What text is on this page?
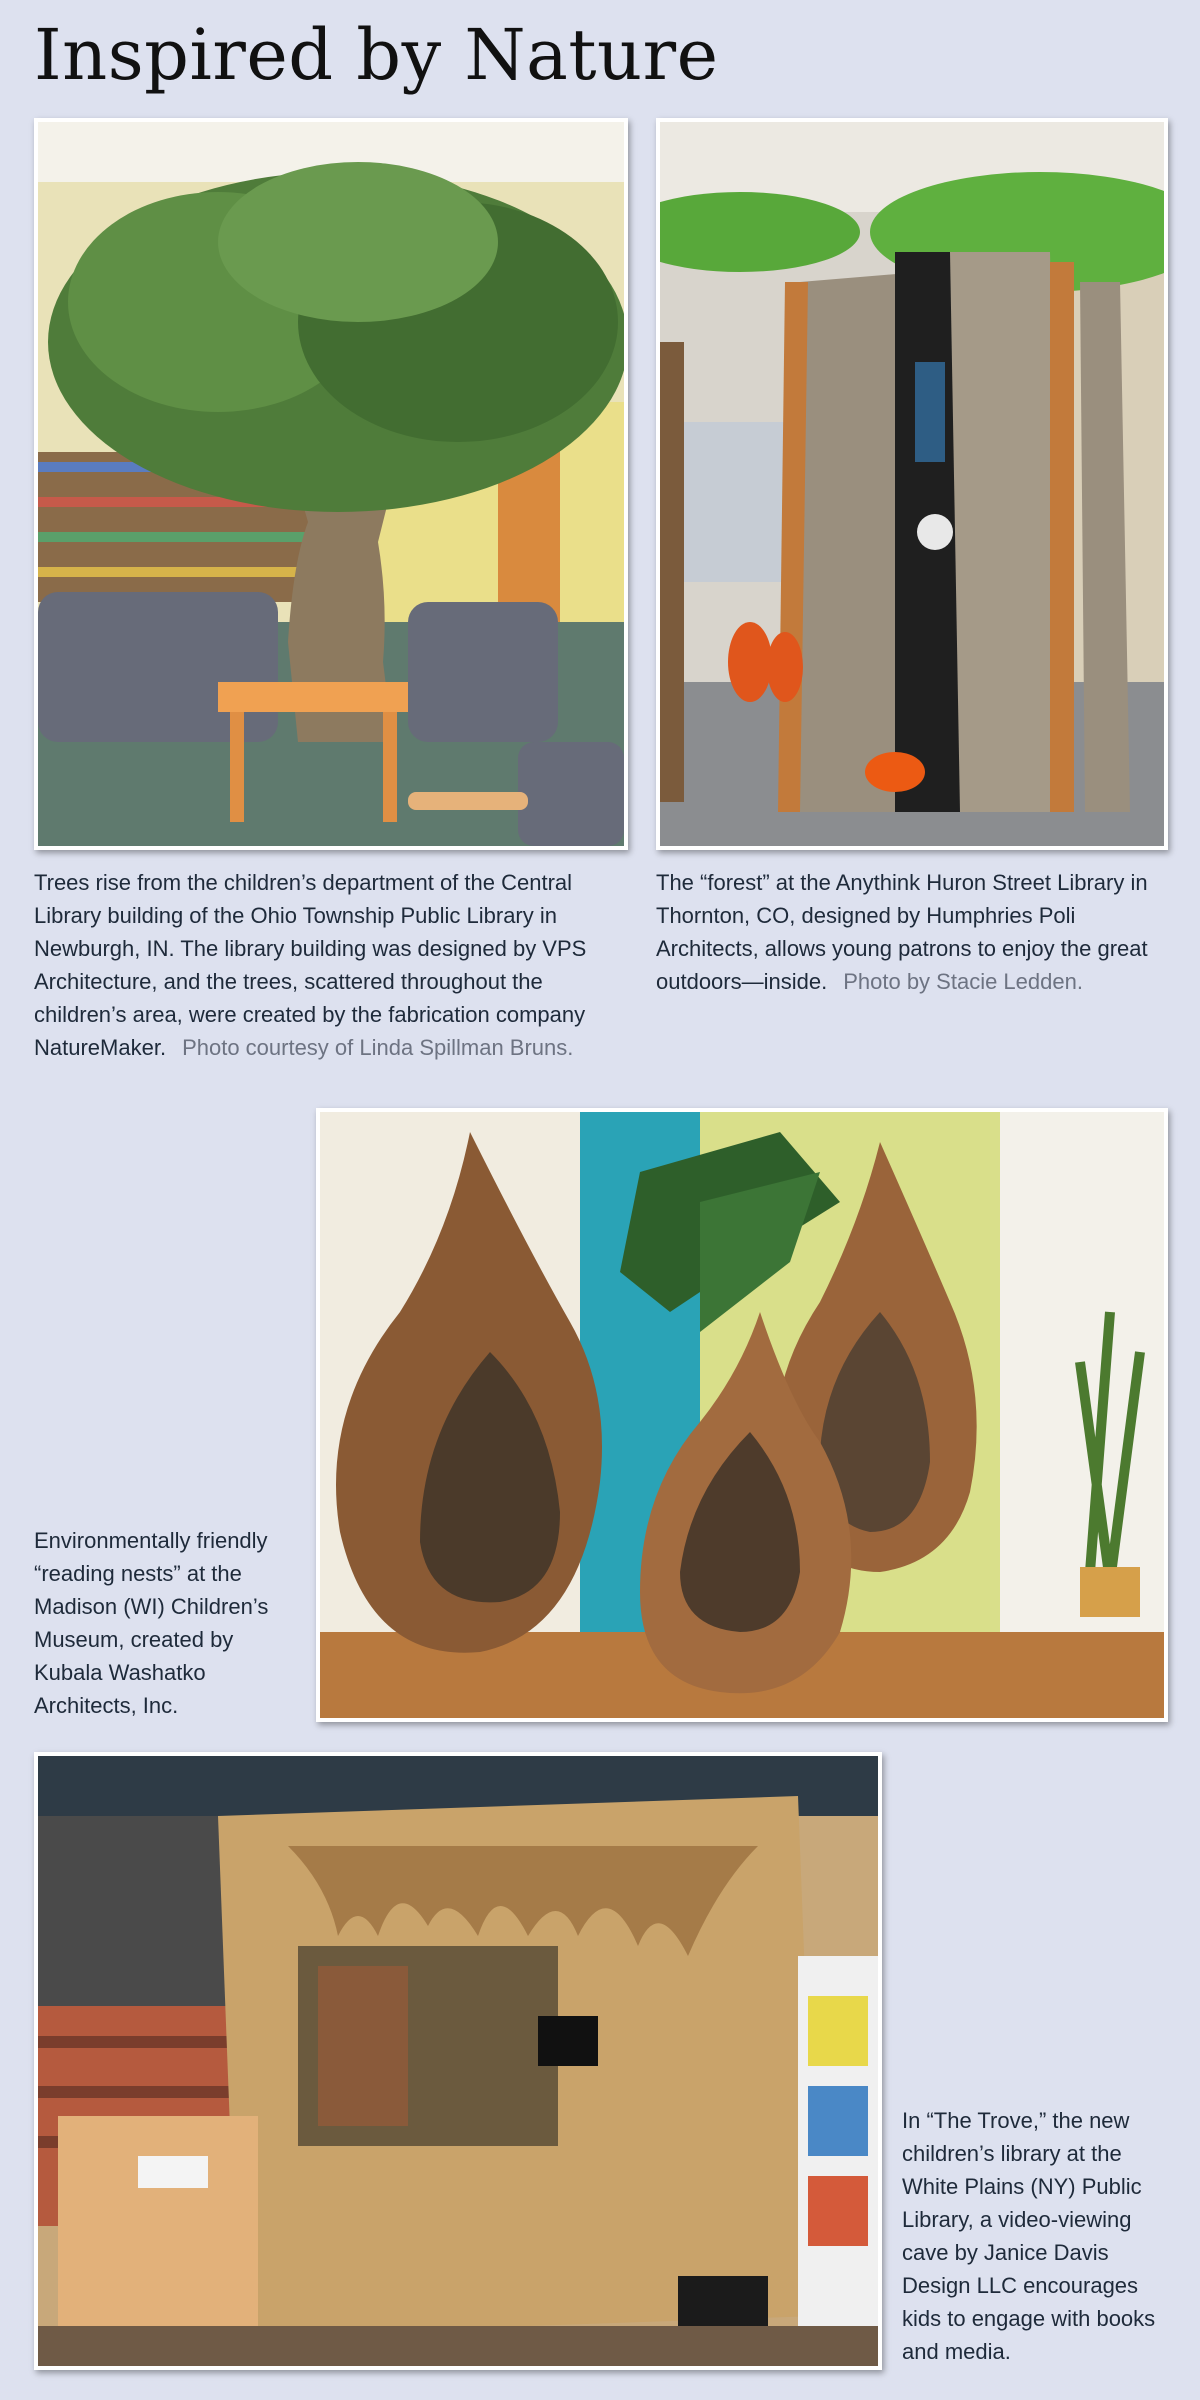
Inspired by Nature

Trees rise from the children’s department of the Central Library building of the Ohio Township Public Library in Newburgh, IN. The library building was designed by VPS Architecture, and the trees, scattered throughout the children’s area, were created by the fabrication company NatureMaker. Photo courtesy of Linda Spillman Bruns.

The “forest” at the Anythink Huron Street Library in Thornton, CO, designed by Humphries Poli Architects, allows young patrons to enjoy the great outdoors—inside. Photo by Stacie Ledden.

Environmentally friendly “reading nests” at the Madison (WI) Children’s Museum, created by Kubala Washatko Architects, Inc.

In “The Trove,” the new children’s library at the White Plains (NY) Public Library, a video-viewing cave by Janice Davis Design LLC encourages kids to engage with books and media.
